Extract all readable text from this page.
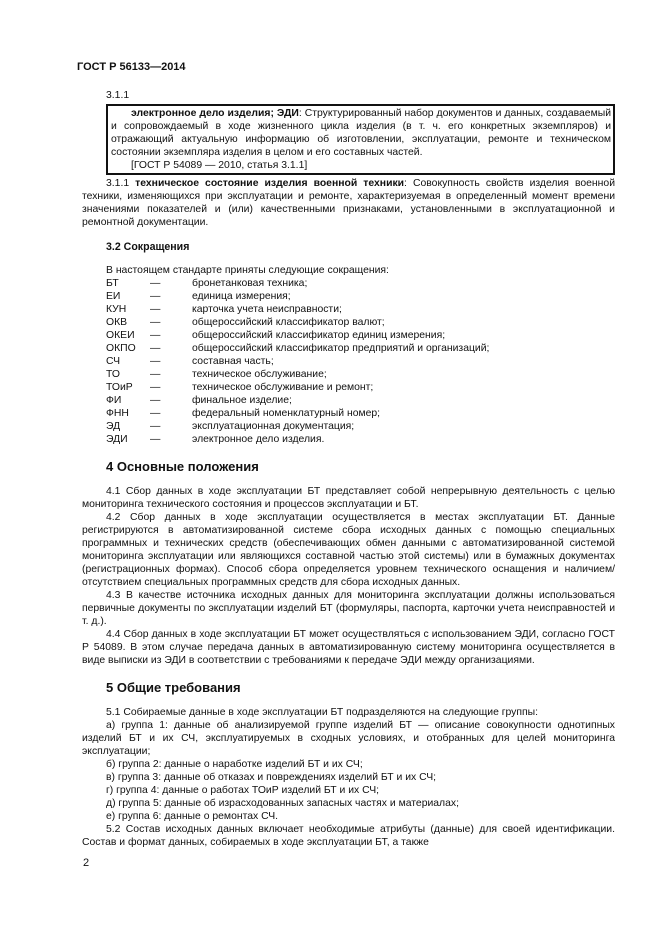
ГОСТ Р 56133—2014

3.1.1

электронное дело изделия; ЭДИ: Структурированный набор документов и данных, создаваемый и сопровождаемый в ходе жизненного цикла изделия (в т. ч. его конкретных экземпляров) и отражающий актуальную информацию об изготовлении, эксплуатации, ремонте и техническом состоянии экземпляра изделия в целом и его составных частей.

[ГОСТ Р 54089 — 2010, статья 3.1.1]

3.1.1 техническое состояние изделия военной техники: Совокупность свойств изделия военной техники, изменяющихся при эксплуатации и ремонте, характеризуемая в определенный момент времени значениями показателей и (или) качественными признаками, установленными в эксплуатационной и ремонтной документации.

3.2 Сокращения

В настоящем стандарте приняты следующие сокращения:

БТ	—	бронетанковая техника;
ЕИ	—	единица измерения;
КУН	—	карточка учета неисправности;
ОКВ	—	общероссийский классификатор валют;
ОКЕИ	—	общероссийский классификатор единиц измерения;
ОКПО	—	общероссийский классификатор предприятий и организаций;
СЧ	—	составная часть;
ТО	—	техническое обслуживание;
ТОиР	—	техническое обслуживание и ремонт;
ФИ	—	финальное изделие;
ФНН	—	федеральный номенклатурный номер;
ЭД	—	эксплуатационная документация;
ЭДИ	—	электронное дело изделия.
4 Основные положения

4.1 Сбор данных в ходе эксплуатации БТ представляет собой непрерывную деятельность с целью мониторинга технического состояния и процессов эксплуатации и БТ.

4.2 Сбор данных в ходе эксплуатации осуществляется в местах эксплуатации БТ. Данные регистрируются в автоматизированной системе сбора исходных данных с помощью специальных программных и технических средств (обеспечивающих обмен данными с автоматизированной системой мониторинга эксплуатации или являющихся составной частью этой системы) или в бумажных документах (регистрационных формах). Способ сбора определяется уровнем технического оснащения и наличием/отсутствием специальных программных средств для сбора исходных данных.

4.3 В качестве источника исходных данных для мониторинга эксплуатации должны использоваться первичные документы по эксплуатации изделий БТ (формуляры, паспорта, карточки учета неисправностей и т. д.).

4.4 Сбор данных в ходе эксплуатации БТ может осуществляться с использованием ЭДИ, согласно ГОСТ Р 54089. В этом случае передача данных в автоматизированную систему мониторинга осуществляется в виде выписки из ЭДИ в соответствии с требованиями к передаче ЭДИ между организациями.

5 Общие требования

5.1 Собираемые данные в ходе эксплуатации БТ подразделяются на следующие группы:

а) группа 1: данные об анализируемой группе изделий БТ — описание совокупности однотипных изделий БТ и их СЧ, эксплуатируемых в сходных условиях, и отобранных для целей мониторинга эксплуатации;

б) группа 2: данные о наработке изделий БТ и их СЧ;

в) группа 3: данные об отказах и повреждениях изделий БТ и их СЧ;

г) группа 4: данные о работах ТОиР изделий БТ и их СЧ;

д) группа 5: данные об израсходованных запасных частях и материалах;

е) группа 6: данные о ремонтах СЧ.

5.2 Состав исходных данных включает необходимые атрибуты (данные) для своей идентификации. Состав и формат данных, собираемых в ходе эксплуатации БТ, а также

2
